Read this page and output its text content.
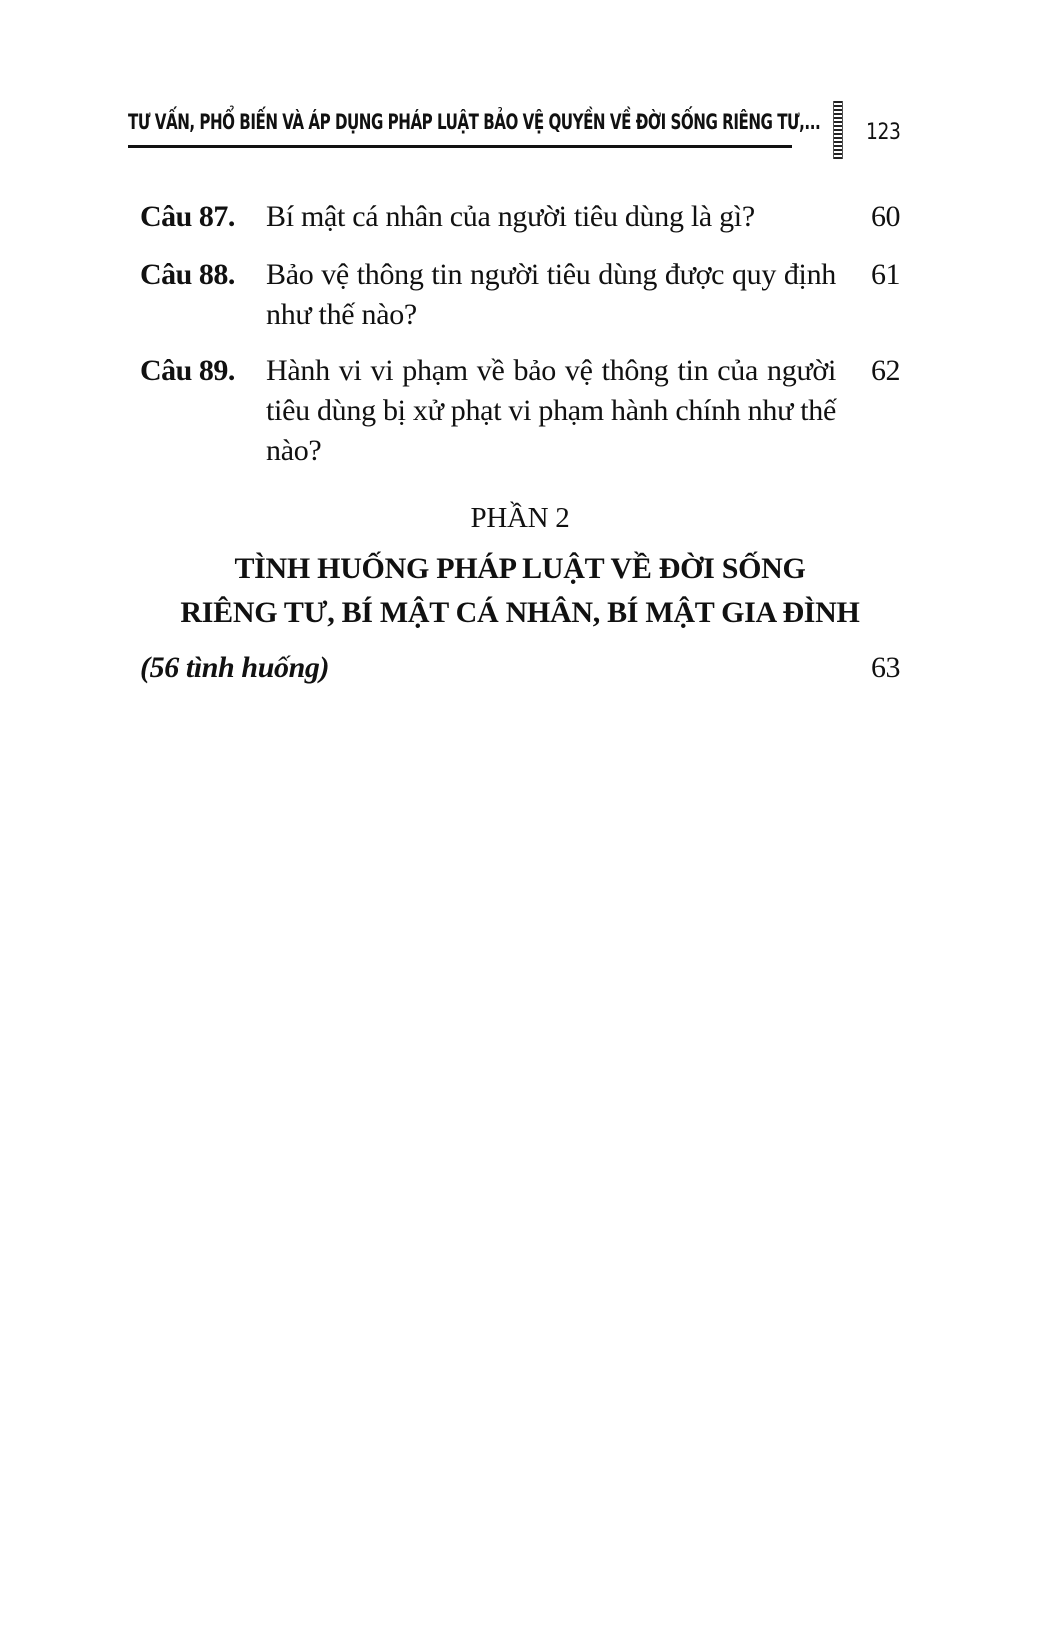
TƯ VẤN, PHỔ BIẾN VÀ ÁP DỤNG PHÁP LUẬT BẢO VỆ QUYỀN VỀ ĐỜI SỐNG RIÊNG TƯ,... 123
Câu 87. Bí mật cá nhân của người tiêu dùng là gì?	60
Câu 88. Bảo vệ thông tin người tiêu dùng được quy định như thế nào?
61
Câu 89. Hành vi vi phạm về bảo vệ thông tin của người tiêu dùng bị xử phạt vi phạm hành chính như thế nào?
62
PHẦN 2
TÌNH HUỐNG PHÁP LUẬT VỀ ĐỜI SỐNG
RIÊNG TƯ, BÍ MẬT CÁ NHÂN, BÍ MẬT GIA ĐÌNH
(56 tình huống)	63
